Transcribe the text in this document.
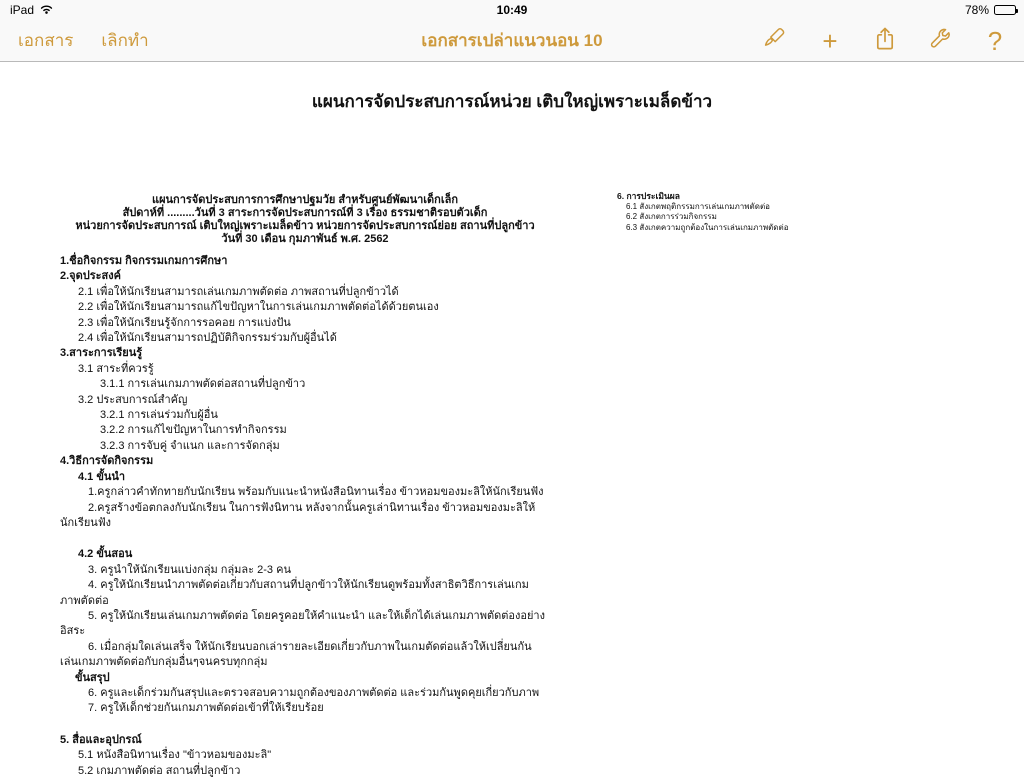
iPad	10:49	78%
เอกสาร เลิกทำ	เอกสารเปล่าแนวนอน 10	+	?
แผนการจัดประสบการณ์หน่วย เติบใหญ่เพราะเมล็ดข้าว
แผนการจัดประสบการการศึกษาปฐมวัย สำหรับศูนย์พัฒนาเด็กเล็ก
สัปดาห์ที่ .........วันที่ 3 สาระการจัดประสบการณ์ที่ 3 เรื่อง ธรรมชาติรอบตัวเด็ก
หน่วยการจัดประสบการณ์ เติบใหญ่เพราะเมล็ดข้าว หน่วยการจัดประสบการณ์ย่อย สถานที่ปลูกข้าว
วันที่ 30 เดือน กุมภาพันธ์ พ.ศ. 2562
6. การประเมินผล
6.1 สังเกตพฤติกรรมการเล่นเกมภาพตัดต่อ
6.2 สังเกตการร่วมกิจกรรม
6.3 สังเกตความถูกต้องในการเล่นเกมภาพตัดต่อ
1.ชื่อกิจกรรม กิจกรรมเกมการศึกษา
2.จุดประสงค์
2.1 เพื่อให้นักเรียนสามารถเล่นเกมภาพตัดต่อ ภาพสถานที่ปลูกข้าวได้
2.2 เพื่อให้นักเรียนสามารถแก้ไขปัญหาในการเล่นเกมภาพตัดต่อได้ด้วยตนเอง
2.3 เพื่อให้นักเรียนรู้จักการรอคอย การแบ่งปัน
2.4 เพื่อให้นักเรียนสามารถปฏิบัติกิจกรรมร่วมกับผู้อื่นได้
3.สาระการเรียนรู้
3.1 สาระที่ควรรู้
3.1.1 การเล่นเกมภาพตัดต่อสถานที่ปลูกข้าว
3.2 ประสบการณ์สำคัญ
3.2.1 การเล่นร่วมกับผู้อื่น
3.2.2 การแก้ไขปัญหาในการทำกิจกรรม
3.2.3 การจับคู่ จำแนก และการจัดกลุ่ม
4.วิธีการจัดกิจกรรม
4.1 ขั้นนำ
1.ครูกล่าวคำทักทายกับนักเรียน พร้อมกับแนะนำหนังสือนิทานเรื่อง ข้าวหอมของมะลิให้นักเรียนฟัง
2.ครูสร้างข้อตกลงกับนักเรียน ในการฟังนิทาน หลังจากนั้นครูเล่านิทานเรื่อง ข้าวหอมของมะลิให้
นักเรียนฟัง
4.2 ขั้นสอน
3. ครูนำให้นักเรียนแบ่งกลุ่ม กลุ่มละ 2-3 คน
4. ครูให้นักเรียนนำภาพตัดต่อเกี่ยวกับสถานที่ปลูกข้าวให้นักเรียนดูพร้อมทั้งสาธิตวิธีการเล่นเกม
ภาพตัดต่อ
5. ครูให้นักเรียนเล่นเกมภาพตัดต่อ โดยครูคอยให้คำแนะนำ และให้เด็กได้เล่นเกมภาพตัดต่องอย่าง
อิสระ
6. เมื่อกลุ่มใดเล่นเสร็จ ให้นักเรียนบอกเล่ารายละเอียดเกี่ยวกับภาพในเกมตัดต่อแล้วให้เปลี่ยนกัน
เล่นเกมภาพตัดต่อกับกลุ่มอื่นๆจนครบทุกกลุ่ม
ขั้นสรุป
6. ครูและเด็กร่วมกันสรุปและตรวจสอบความถูกต้องของภาพตัดต่อ และร่วมกันพูดคุยเกี่ยวกับภาพ
7. ครูให้เด็กช่วยกันเกมภาพตัดต่อเข้าที่ให้เรียบร้อย
5. สื่อและอุปกรณ์
5.1 หนังสือนิทานเรื่อง "ข้าวหอมของมะลิ"
5.2 เกมภาพตัดต่อ สถานที่ปลูกข้าว
